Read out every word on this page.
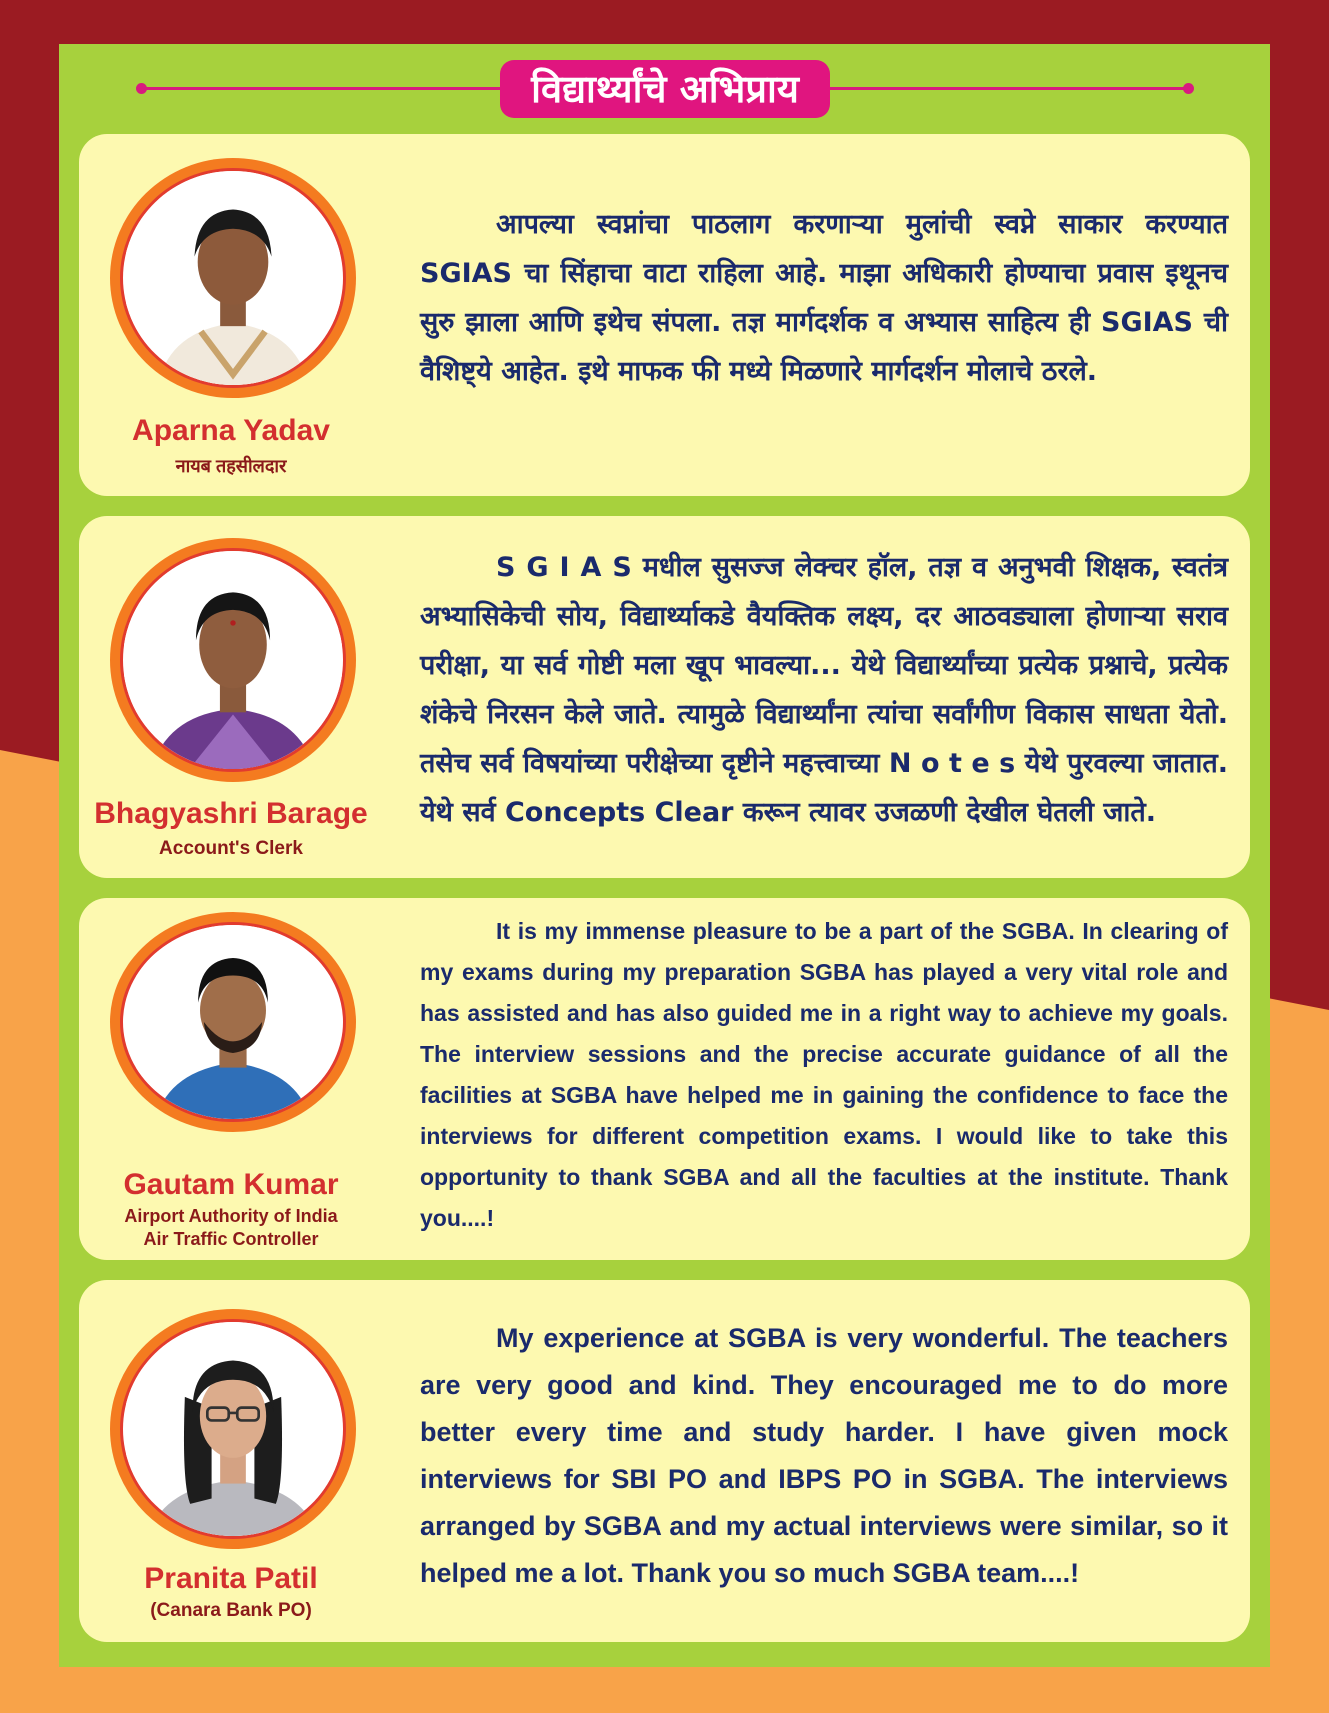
विद्यार्थ्यांचे अभिप्राय
Aparna Yadav
नायब तहसीलदार

आपल्या स्वप्नांचा पाठलाग करणाऱ्या मुलांची स्वप्ने साकार करण्यात SGIAS चा सिंहाचा वाटा राहिला आहे. माझा अधिकारी होण्याचा प्रवास इथूनच सुरु झाला आणि इथेच संपला. तज्ञ मार्गदर्शक व अभ्यास साहित्य ही SGIAS ची वैशिष्ट्ये आहेत. इथे माफक फी मध्ये मिळणारे मार्गदर्शन मोलाचे ठरले.

Bhagyashri Barage
Account's Clerk

S G I A S मधील सुसज्ज लेक्चर हॉल, तज्ञ व अनुभवी शिक्षक, स्वतंत्र अभ्यासिकेची सोय, विद्यार्थ्याकडे वैयक्तिक लक्ष्य, दर आठवड्याला होणाऱ्या सराव परीक्षा, या सर्व गोष्टी मला खूप भावल्या... येथे विद्यार्थ्यांच्या प्रत्येक प्रश्नाचे, प्रत्येक शंकेचे निरसन केले जाते. त्यामुळे विद्यार्थ्यांना त्यांचा सर्वांगीण विकास साधता येतो. तसेच सर्व विषयांच्या परीक्षेच्या दृष्टीने महत्त्वाच्या N o t e s येथे पुरवल्या जातात. येथे सर्व Concepts Clear करून त्यावर उजळणी देखील घेतली जाते.

Gautam Kumar
Airport Authority of India
Air Traffic Controller

It is my immense pleasure to be a part of the SGBA. In clearing of my exams during my preparation SGBA has played a very vital role and has assisted and has also guided me in a right way to achieve my goals. The interview sessions and the precise accurate guidance of all the facilities at SGBA have helped me in gaining the confidence to face the interviews for different competition exams. I would like to take this opportunity to thank SGBA and all the faculties at the institute. Thank you....!

Pranita Patil
(Canara Bank PO)

My experience at SGBA is very wonderful. The teachers are very good and kind. They encouraged me to do more better every time and study harder. I have given mock interviews for SBI PO and IBPS PO in SGBA. The interviews arranged by SGBA and my actual interviews were similar, so it helped me a lot. Thank you so much SGBA team....!
